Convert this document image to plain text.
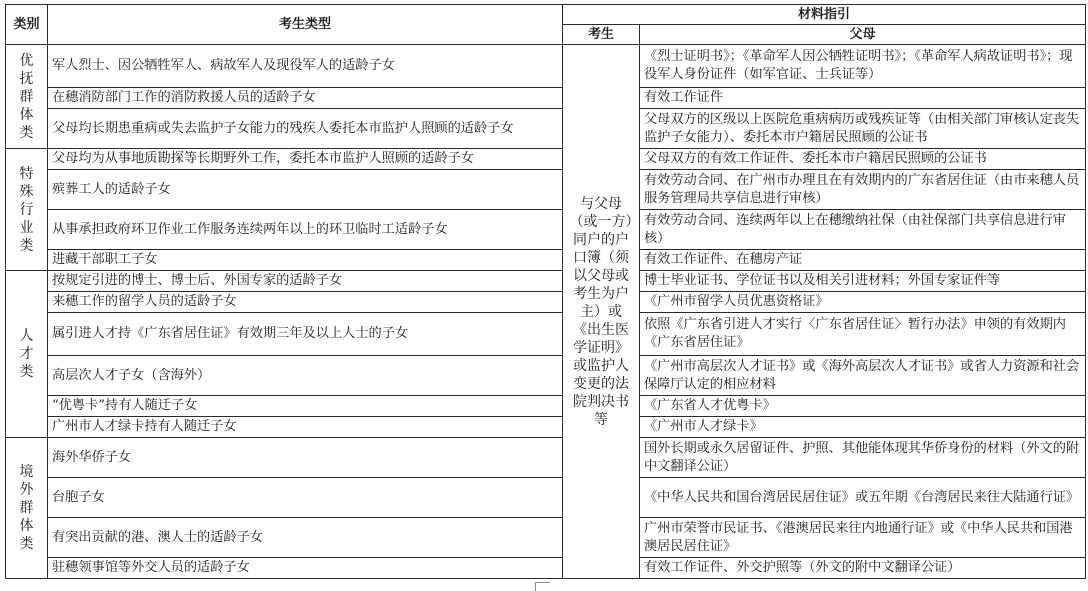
类别	考生类型	材料指引	
		考生	父母

优抚群体类	军人烈士、因公牺牲军人、病故军人及现役军人的适龄子女	与父母（或一方）同户的户口簿（须以父母或考生为户主）或《出生医学证明》或监护人变更的法院判决书等	《烈士证明书》；《革命军人因公牺牲证明书》；《革命军人病故证明书》；现役军人身份证件（如军官证、士兵证等）
	在穗消防部门工作的消防救援人员的适龄子女		有效工作证件
	父母均长期患重病或失去监护子女能力的残疾人委托本市监护人照顾的适龄子女		父母双方的区级以上医院危重病病历或残疾证等（由相关部门审核认定丧失监护子女能力）、委托本市户籍居民照顾的公证书

特殊行业类	父母均为从事地质勘探等长期野外工作，委托本市监护人照顾的适龄子女		父母双方的有效工作证件、委托本市户籍居民照顾的公证书
	殡葬工人的适龄子女		有效劳动合同、在广州市办理且在有效期内的广东省居住证（由市来穗人员服务管理局共享信息进行审核）
	从事承担政府环卫作业工作服务连续两年以上的环卫临时工适龄子女		有效劳动合同、连续两年以上在穗缴纳社保（由社保部门共享信息进行审核）
	进藏干部职工子女		有效工作证件、在穗房产证

人才类	按规定引进的博士、博士后、外国专家的适龄子女		博士毕业证书、学位证书以及相关引进材料；外国专家证件等
	来穗工作的留学人员的适龄子女		《广州市留学人员优惠资格证》
	属引进人才持《广东省居住证》有效期三年及以上人士的子女		依照《广东省引进人才实行〈广东省居住证〉暂行办法》申领的有效期内《广东省居住证》
	高层次人才子女（含海外）		《广州市高层次人才证书》或《海外高层次人才证书》或省人力资源和社会保障厅认定的相应材料
	“优粤卡”持有人随迁子女		《广东省人才优粤卡》
	广州市人才绿卡持有人随迁子女		《广州市人才绿卡》

境外群体类	海外华侨子女		国外长期或永久居留证件、护照、其他能体现其华侨身份的材料（外文的附中文翻译公证）
	台胞子女		《中华人民共和国台湾居民居住证》或五年期《台湾居民来往大陆通行证》
	有突出贡献的港、澳人士的适龄子女		广州市荣誉市民证书、《港澳居民来往内地通行证》或《中华人民共和国港澳居民居住证》
	驻穗领事馆等外交人员的适龄子女		有效工作证件、外交护照等（外文的附中文翻译公证）
